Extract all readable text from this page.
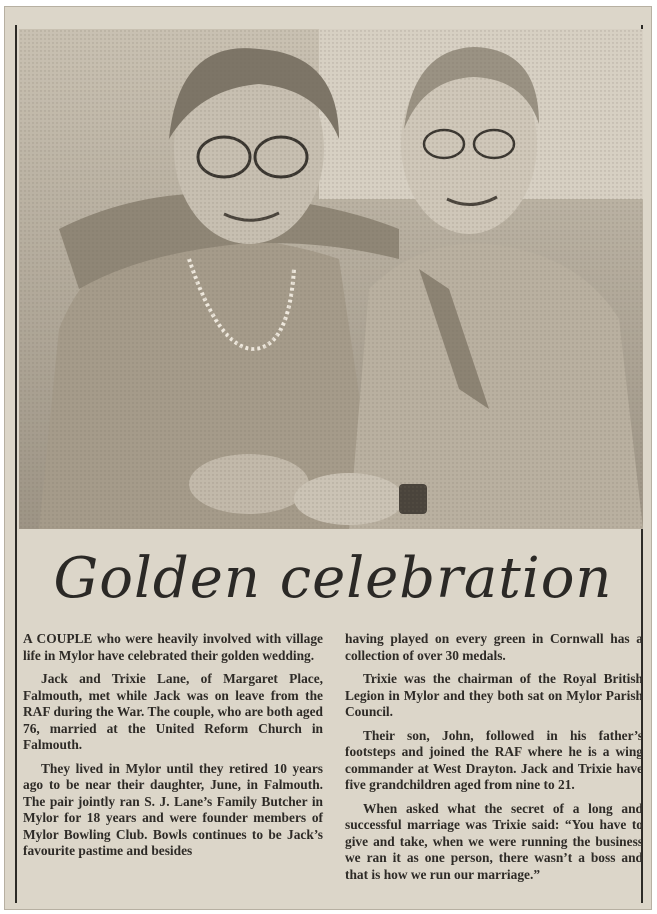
Golden celebration

A COUPLE who were heavily involved with village life in Mylor have celebrated their golden wedding.

Jack and Trixie Lane, of Margaret Place, Falmouth, met while Jack was on leave from the RAF during the War. The couple, who are both aged 76, married at the United Reform Church in Falmouth.

They lived in Mylor until they retired 10 years ago to be near their daughter, June, in Falmouth. The pair jointly ran S. J. Lane’s Family Butcher in Mylor for 18 years and were founder members of Mylor Bowling Club. Bowls continues to be Jack’s favourite pastime and besides

having played on every green in Cornwall has a collection of over 30 medals.

Trixie was the chairman of the Royal British Legion in Mylor and they both sat on Mylor Parish Council.

Their son, John, followed in his father’s footsteps and joined the RAF where he is a wing commander at West Drayton. Jack and Trixie have five grandchildren aged from nine to 21.

When asked what the secret of a long and successful marriage was Trixie said: “You have to give and take, when we were running the business we ran it as one person, there wasn’t a boss and that is how we run our marriage.”
